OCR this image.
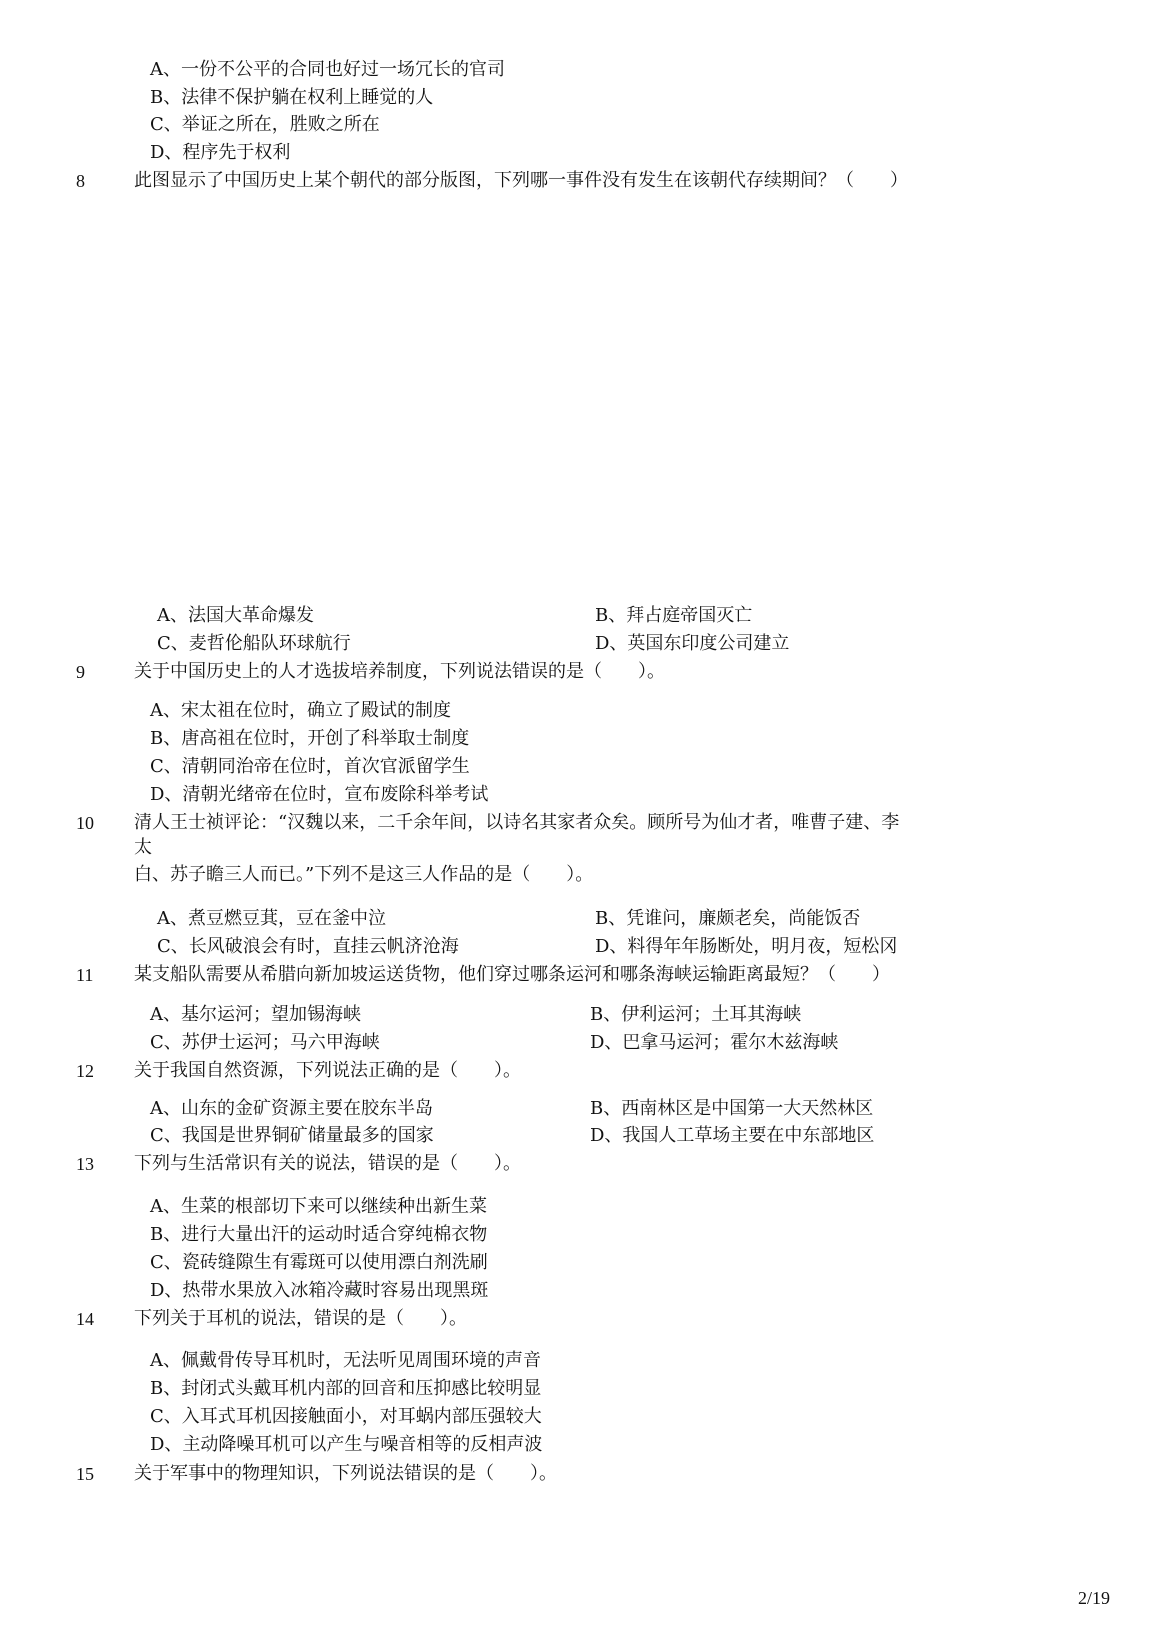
A、一份不公平的合同也好过一场冗长的官司
B、法律不保护躺在权利上睡觉的人
C、举证之所在，胜败之所在
D、程序先于权利
8	此图显示了中国历史上某个朝代的部分版图，下列哪一事件没有发生在该朝代存续期间？（　　）
A、法国大革命爆发	B、拜占庭帝国灭亡
C、麦哲伦船队环球航行	D、英国东印度公司建立
9	关于中国历史上的人才选拔培养制度，下列说法错误的是（　　）。
A、宋太祖在位时，确立了殿试的制度
B、唐高祖在位时，开创了科举取士制度
C、清朝同治帝在位时，首次官派留学生
D、清朝光绪帝在位时，宣布废除科举考试
10 清人王士祯评论：“汉魏以来，二千余年间，以诗名其家者众矣。顾所号为仙才者，唯曹子建、李
太
白、苏子瞻三人而已。”下列不是这三人作品的是（　　）。
A、煮豆燃豆萁，豆在釜中泣	B、凭谁问，廉颇老矣，尚能饭否
C、长风破浪会有时，直挂云帆济沧海	D、料得年年肠断处，明月夜，短松冈
11 某支船队需要从希腊向新加坡运送货物，他们穿过哪条运河和哪条海峡运输距离最短？（　　）
A、基尔运河；望加锡海峡	B、伊利运河；土耳其海峡
C、苏伊士运河；马六甲海峡	D、巴拿马运河；霍尔木兹海峡
12 关于我国自然资源，下列说法正确的是（　　）。
A、山东的金矿资源主要在胶东半岛	B、西南林区是中国第一大天然林区
C、我国是世界铜矿储量最多的国家	D、我国人工草场主要在中东部地区
13 下列与生活常识有关的说法，错误的是（　　）。
A、生菜的根部切下来可以继续种出新生菜
B、进行大量出汗的运动时适合穿纯棉衣物
C、瓷砖缝隙生有霉斑可以使用漂白剂洗刷
D、热带水果放入冰箱冷藏时容易出现黑斑
14 下列关于耳机的说法，错误的是（　　）。
A、佩戴骨传导耳机时，无法听见周围环境的声音
B、封闭式头戴耳机内部的回音和压抑感比较明显
C、入耳式耳机因接触面小，对耳蜗内部压强较大
D、主动降噪耳机可以产生与噪音相等的反相声波
15 关于军事中的物理知识，下列说法错误的是（　　）。
2/19
